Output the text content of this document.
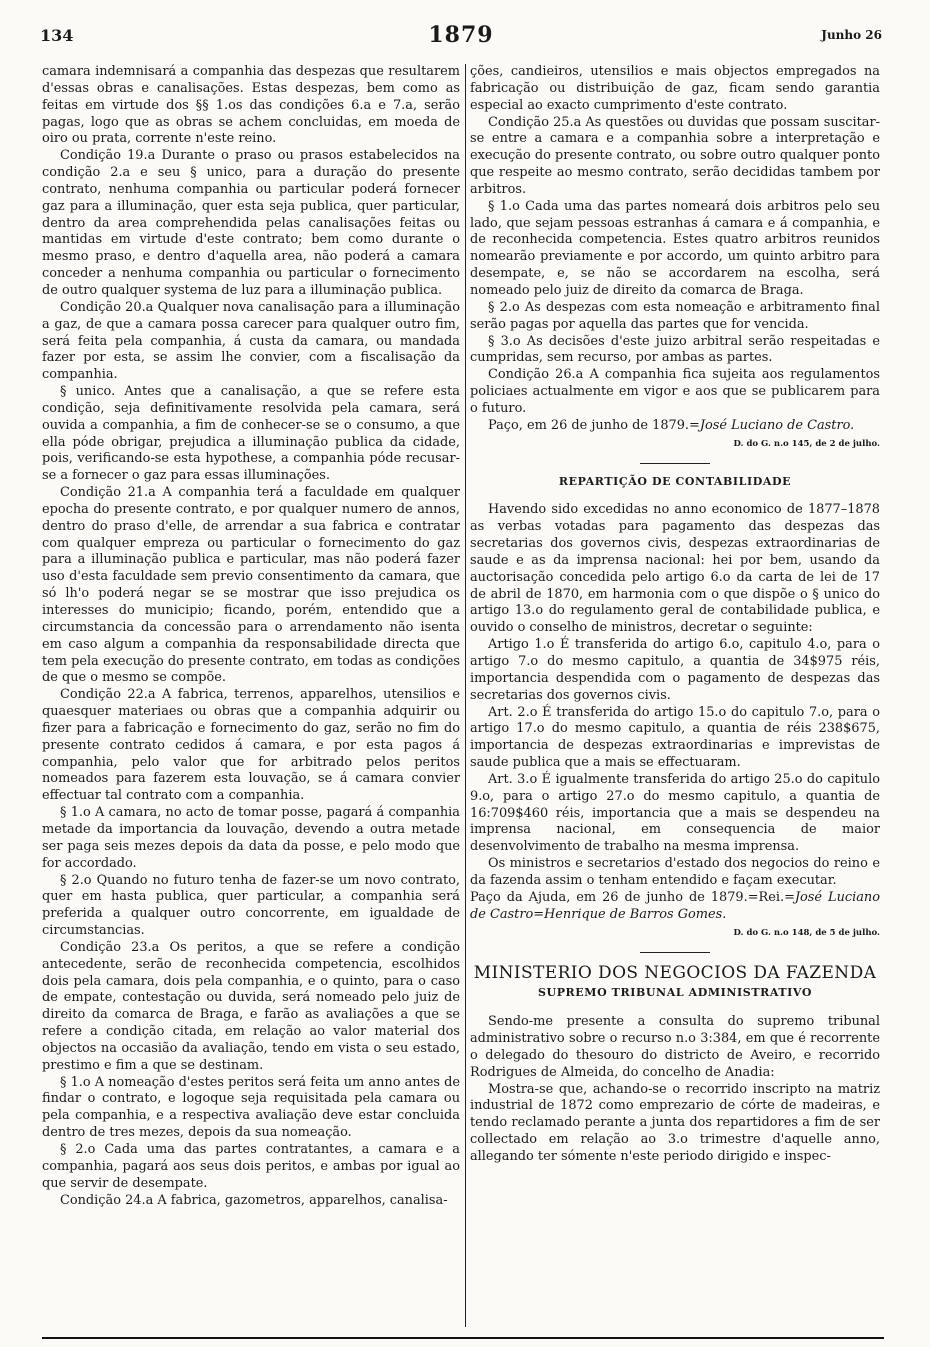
134	1879	Junho 26

camara indemnisará a companhia das despezas que resultarem d'essas obras e canalisações. Estas despezas, bem como as feitas em virtude dos §§ 1.os das condições 6.a e 7.a, serão pagas, logo que as obras se achem concluidas, em moeda de oiro ou prata, corrente n'este reino.

Condição 19.a Durante o praso ou prasos estabelecidos na condição 2.a e seu § unico, para a duração do presente contrato, nenhuma companhia ou particular poderá fornecer gaz para a illuminação, quer esta seja publica, quer particular, dentro da area comprehendida pelas canalisações feitas ou mantidas em virtude d'este contrato; bem como durante o mesmo praso, e dentro d'aquella area, não poderá a camara conceder a nenhuma companhia ou particular o fornecimento de outro qualquer systema de luz para a illuminação publica.

Condição 20.a Qualquer nova canalisação para a illuminação a gaz, de que a camara possa carecer para qualquer outro fim, será feita pela companhia, á custa da camara, ou mandada fazer por esta, se assim lhe convier, com a fiscalisação da companhia.

§ unico. Antes que a canalisação, a que se refere esta condição, seja definitivamente resolvida pela camara, será ouvida a companhia, a fim de conhecer-se se o consumo, a que ella póde obrigar, prejudica a illuminação publica da cidade, pois, verificando-se esta hypothese, a companhia póde recusar-se a fornecer o gaz para essas illuminações.

Condição 21.a A companhia terá a faculdade em qualquer epocha do presente contrato, e por qualquer numero de annos, dentro do praso d'elle, de arrendar a sua fabrica e contratar com qualquer empreza ou particular o fornecimento do gaz para a illuminação publica e particular, mas não poderá fazer uso d'esta faculdade sem previo consentimento da camara, que só lh'o poderá negar se se mostrar que isso prejudica os interesses do municipio; ficando, porém, entendido que a circumstancia da concessão para o arrendamento não isenta em caso algum a companhia da responsabilidade directa que tem pela execução do presente contrato, em todas as condições de que o mesmo se compõe.

Condição 22.a A fabrica, terrenos, apparelhos, utensilios e quaesquer materiaes ou obras que a companhia adquirir ou fizer para a fabricação e fornecimento do gaz, serão no fim do presente contrato cedidos á camara, e por esta pagos á companhia, pelo valor que for arbitrado pelos peritos nomeados para fazerem esta louvação, se á camara convier effectuar tal contrato com a companhia.

§ 1.o A camara, no acto de tomar posse, pagará á companhia metade da importancia da louvação, devendo a outra metade ser paga seis mezes depois da data da posse, e pelo modo que for accordado.

§ 2.o Quando no futuro tenha de fazer-se um novo contrato, quer em hasta publica, quer particular, a companhia será preferida a qualquer outro concorrente, em igualdade de circumstancias.

Condição 23.a Os peritos, a que se refere a condição antecedente, serão de reconhecida competencia, escolhidos dois pela camara, dois pela companhia, e o quinto, para o caso de empate, contestação ou duvida, será nomeado pelo juiz de direito da comarca de Braga, e farão as avaliações a que se refere a condição citada, em relação ao valor material dos objectos na occasião da avaliação, tendo em vista o seu estado, prestimo e fim a que se destinam.

§ 1.o A nomeação d'estes peritos será feita um anno antes de findar o contrato, e logoque seja requisitada pela camara ou pela companhia, e a respectiva avaliação deve estar concluida dentro de tres mezes, depois da sua nomeação.

§ 2.o Cada uma das partes contratantes, a camara e a companhia, pagará aos seus dois peritos, e ambas por igual ao que servir de desempate.

Condição 24.a A fabrica, gazometros, apparelhos, canalisa-

ções, candieiros, utensilios e mais objectos empregados na fabricação ou distribuição de gaz, ficam sendo garantia especial ao exacto cumprimento d'este contrato.

Condição 25.a As questões ou duvidas que possam suscitar-se entre a camara e a companhia sobre a interpretação e execução do presente contrato, ou sobre outro qualquer ponto que respeite ao mesmo contrato, serão decididas tambem por arbitros.

§ 1.o Cada uma das partes nomeará dois arbitros pelo seu lado, que sejam pessoas estranhas á camara e á companhia, e de reconhecida competencia. Estes quatro arbitros reunidos nomearão previamente e por accordo, um quinto arbitro para desempate, e, se não se accordarem na escolha, será nomeado pelo juiz de direito da comarca de Braga.

§ 2.o As despezas com esta nomeação e arbitramento final serão pagas por aquella das partes que for vencida.

§ 3.o As decisões d'este juizo arbitral serão respeitadas e cumpridas, sem recurso, por ambas as partes.

Condição 26.a A companhia fica sujeita aos regulamentos policiaes actualmente em vigor e aos que se publicarem para o futuro.

Paço, em 26 de junho de 1879.=José Luciano de Castro.

D. do G. n.o 145, de 2 de julho.
REPARTIÇÃO DE CONTABILIDADE

Havendo sido excedidas no anno economico de 1877–1878 as verbas votadas para pagamento das despezas das secretarias dos governos civis, despezas extraordinarias de saude e as da imprensa nacional: hei por bem, usando da auctorisação concedida pelo artigo 6.o da carta de lei de 17 de abril de 1870, em harmonia com o que dispõe o § unico do artigo 13.o do regulamento geral de contabilidade publica, e ouvido o conselho de ministros, decretar o seguinte:

Artigo 1.o É transferida do artigo 6.o, capitulo 4.o, para o artigo 7.o do mesmo capitulo, a quantia de 34$975 réis, importancia despendida com o pagamento de despezas das secretarias dos governos civis.

Art. 2.o É transferida do artigo 15.o do capitulo 7.o, para o artigo 17.o do mesmo capitulo, a quantia de réis 238$675, importancia de despezas extraordinarias e imprevistas de saude publica que a mais se effectuaram.

Art. 3.o É igualmente transferida do artigo 25.o do capitulo 9.o, para o artigo 27.o do mesmo capitulo, a quantia de 16:709$460 réis, importancia que a mais se despendeu na imprensa nacional, em consequencia de maior desenvolvimento de trabalho na mesma imprensa.

Os ministros e secretarios d'estado dos negocios do reino e da fazenda assim o tenham entendido e façam executar.

Paço da Ajuda, em 26 de junho de 1879.=Rei.=José Luciano de Castro=Henrique de Barros Gomes.

D. do G. n.o 148, de 5 de julho.
MINISTERIO DOS NEGOCIOS DA FAZENDA
SUPREMO TRIBUNAL ADMINISTRATIVO

Sendo-me presente a consulta do supremo tribunal administrativo sobre o recurso n.o 3:384, em que é recorrente o delegado do thesouro do districto de Aveiro, e recorrido Rodrigues de Almeida, do concelho de Anadia:

Mostra-se que, achando-se o recorrido inscripto na matriz industrial de 1872 como emprezario de córte de madeiras, e tendo reclamado perante a junta dos repartidores a fim de ser collectado em relação ao 3.o trimestre d'aquelle anno, allegando ter sómente n'este periodo dirigido e inspec-
